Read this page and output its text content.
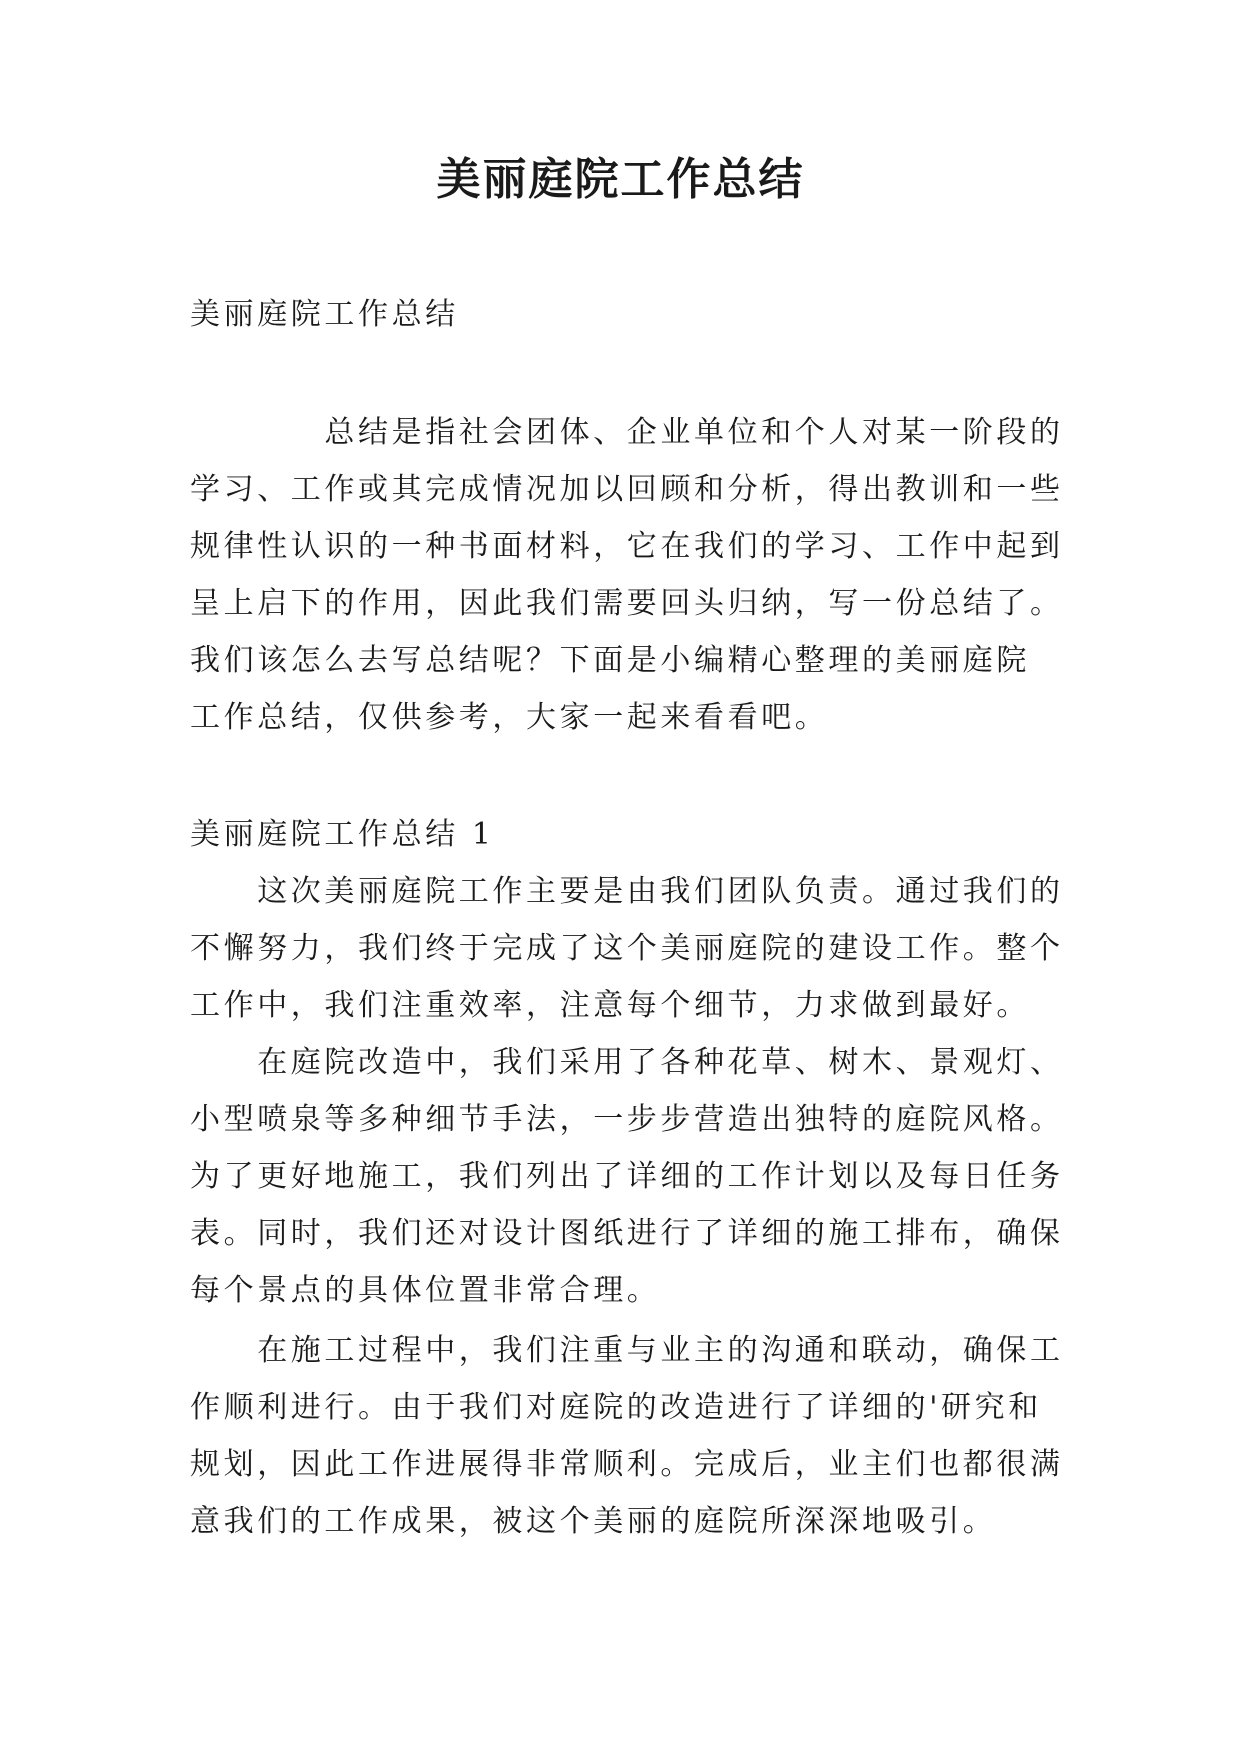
美丽庭院工作总结
美丽庭院工作总结
　　　　总结是指社会团体、企业单位和个人对某一阶段的
学习、工作或其完成情况加以回顾和分析，得出教训和一些
规律性认识的一种书面材料，它在我们的学习、工作中起到
呈上启下的作用，因此我们需要回头归纳，写一份总结了。
我们该怎么去写总结呢？下面是小编精心整理的美丽庭院
工作总结，仅供参考，大家一起来看看吧。
美丽庭院工作总结 1
　　这次美丽庭院工作主要是由我们团队负责。通过我们的
不懈努力，我们终于完成了这个美丽庭院的建设工作。整个
工作中，我们注重效率，注意每个细节，力求做到最好。
　　在庭院改造中，我们采用了各种花草、树木、景观灯、
小型喷泉等多种细节手法，一步步营造出独特的庭院风格。
为了更好地施工，我们列出了详细的工作计划以及每日任务
表。同时，我们还对设计图纸进行了详细的施工排布，确保
每个景点的具体位置非常合理。
　　在施工过程中，我们注重与业主的沟通和联动，确保工
作顺利进行。由于我们对庭院的改造进行了详细的'研究和
规划，因此工作进展得非常顺利。完成后，业主们也都很满
意我们的工作成果，被这个美丽的庭院所深深地吸引。
